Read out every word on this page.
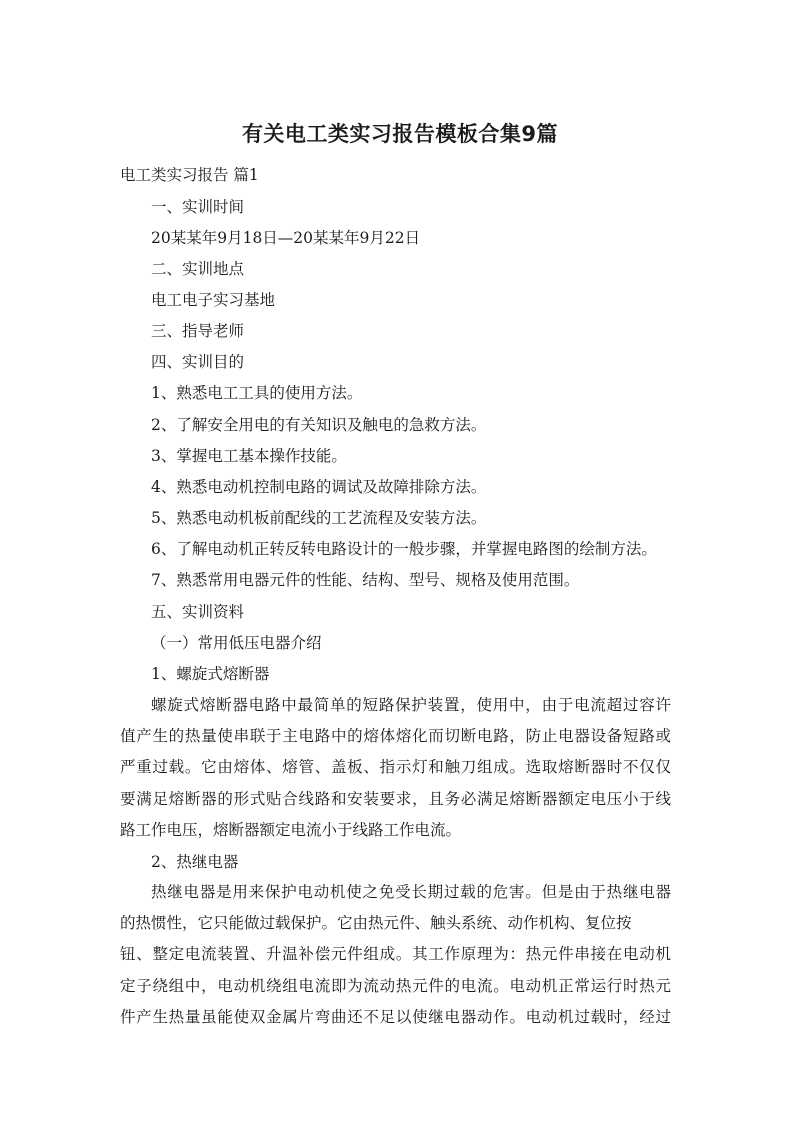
有关电工类实习报告模板合集9篇
电工类实习报告 篇1
一、实训时间
20某某年9月18日—20某某年9月22日
二、实训地点
电工电子实习基地
三、指导老师
四、实训目的
1、熟悉电工工具的使用方法。
2、了解安全用电的有关知识及触电的急救方法。
3、掌握电工基本操作技能。
4、熟悉电动机控制电路的调试及故障排除方法。
5、熟悉电动机板前配线的工艺流程及安装方法。
6、了解电动机正转反转电路设计的一般步骤，并掌握电路图的绘制方法。
7、熟悉常用电器元件的性能、结构、型号、规格及使用范围。
五、实训资料
（一）常用低压电器介绍
1、螺旋式熔断器
螺旋式熔断器电路中最简单的短路保护装置，使用中，由于电流超过容许
值产生的热量使串联于主电路中的熔体熔化而切断电路，防止电器设备短路或
严重过载。它由熔体、熔管、盖板、指示灯和触刀组成。选取熔断器时不仅仅
要满足熔断器的形式贴合线路和安装要求，且务必满足熔断器额定电压小于线
路工作电压，熔断器额定电流小于线路工作电流。
2、热继电器
热继电器是用来保护电动机使之免受长期过载的危害。但是由于热继电器
的热惯性，它只能做过载保护。它由热元件、触头系统、动作机构、复位按
钮、整定电流装置、升温补偿元件组成。其工作原理为：热元件串接在电动机
定子绕组中，电动机绕组电流即为流动热元件的电流。电动机正常运行时热元
件产生热量虽能使双金属片弯曲还不足以使继电器动作。电动机过载时，经过
